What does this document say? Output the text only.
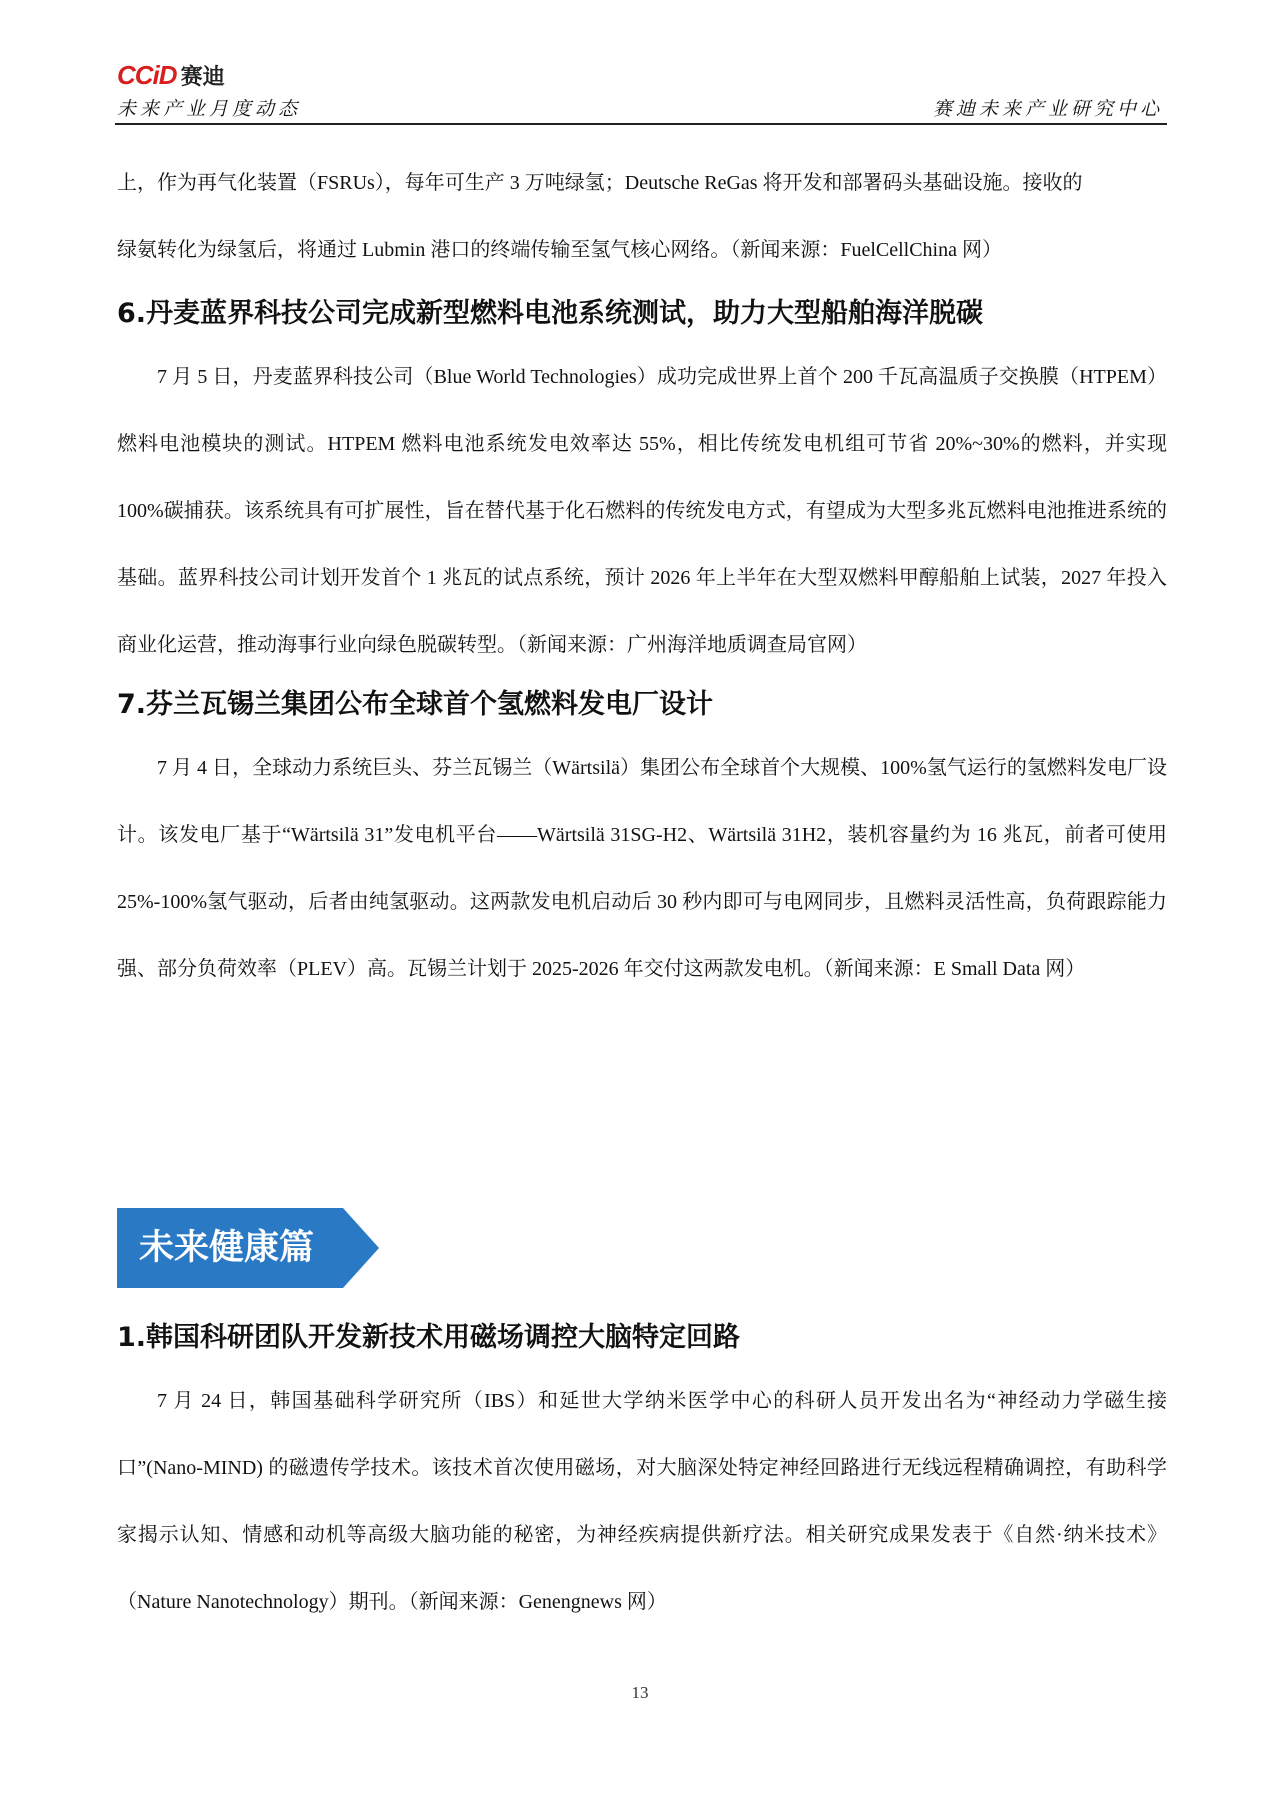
CCiD 赛迪
未来产业月度动态	赛迪未来产业研究中心

上，作为再气化装置（FSRUs），每年可生产 3 万吨绿氢；Deutsche ReGas 将开发和部署码头基础设施。接收的
绿氨转化为绿氢后，将通过 Lubmin 港口的终端传输至氢气核心网络。（新闻来源：FuelCellChina 网）

6.丹麦蓝界科技公司完成新型燃料电池系统测试，助力大型船舶海洋脱碳

7 月 5 日，丹麦蓝界科技公司（Blue World Technologies）成功完成世界上首个 200 千瓦高温质子交换膜（HTPEM）燃料电池模块的测试。HTPEM 燃料电池系统发电效率达 55%，相比传统发电机组可节省 20%~30%的燃料，并实现 100%碳捕获。该系统具有可扩展性，旨在替代基于化石燃料的传统发电方式，有望成为大型多兆瓦燃料电池推进系统的基础。蓝界科技公司计划开发首个 1 兆瓦的试点系统，预计 2026 年上半年在大型双燃料甲醇船舶上试装，2027 年投入商业化运营，推动海事行业向绿色脱碳转型。（新闻来源：广州海洋地质调查局官网）

7.芬兰瓦锡兰集团公布全球首个氢燃料发电厂设计

7 月 4 日，全球动力系统巨头、芬兰瓦锡兰（Wärtsilä）集团公布全球首个大规模、100%氢气运行的氢燃料发电厂设计。该发电厂基于“Wärtsilä 31”发电机平台——Wärtsilä 31SG-H2、Wärtsilä 31H2，装机容量约为 16 兆瓦，前者可使用 25%-100%氢气驱动，后者由纯氢驱动。这两款发电机启动后 30 秒内即可与电网同步，且燃料灵活性高，负荷跟踪能力强、部分负荷效率（PLEV）高。瓦锡兰计划于 2025-2026 年交付这两款发电机。（新闻来源：E Small Data 网）

未来健康篇
1.韩国科研团队开发新技术用磁场调控大脑特定回路

7 月 24 日，韩国基础科学研究所（IBS）和延世大学纳米医学中心的科研人员开发出名为“神经动力学磁生接口”(Nano-MIND) 的磁遗传学技术。该技术首次使用磁场，对大脑深处特定神经回路进行无线远程精确调控，有助科学家揭示认知、情感和动机等高级大脑功能的秘密，为神经疾病提供新疗法。相关研究成果发表于《自然·纳米技术》（Nature Nanotechnology）期刊。（新闻来源：Genengnews 网）

13
